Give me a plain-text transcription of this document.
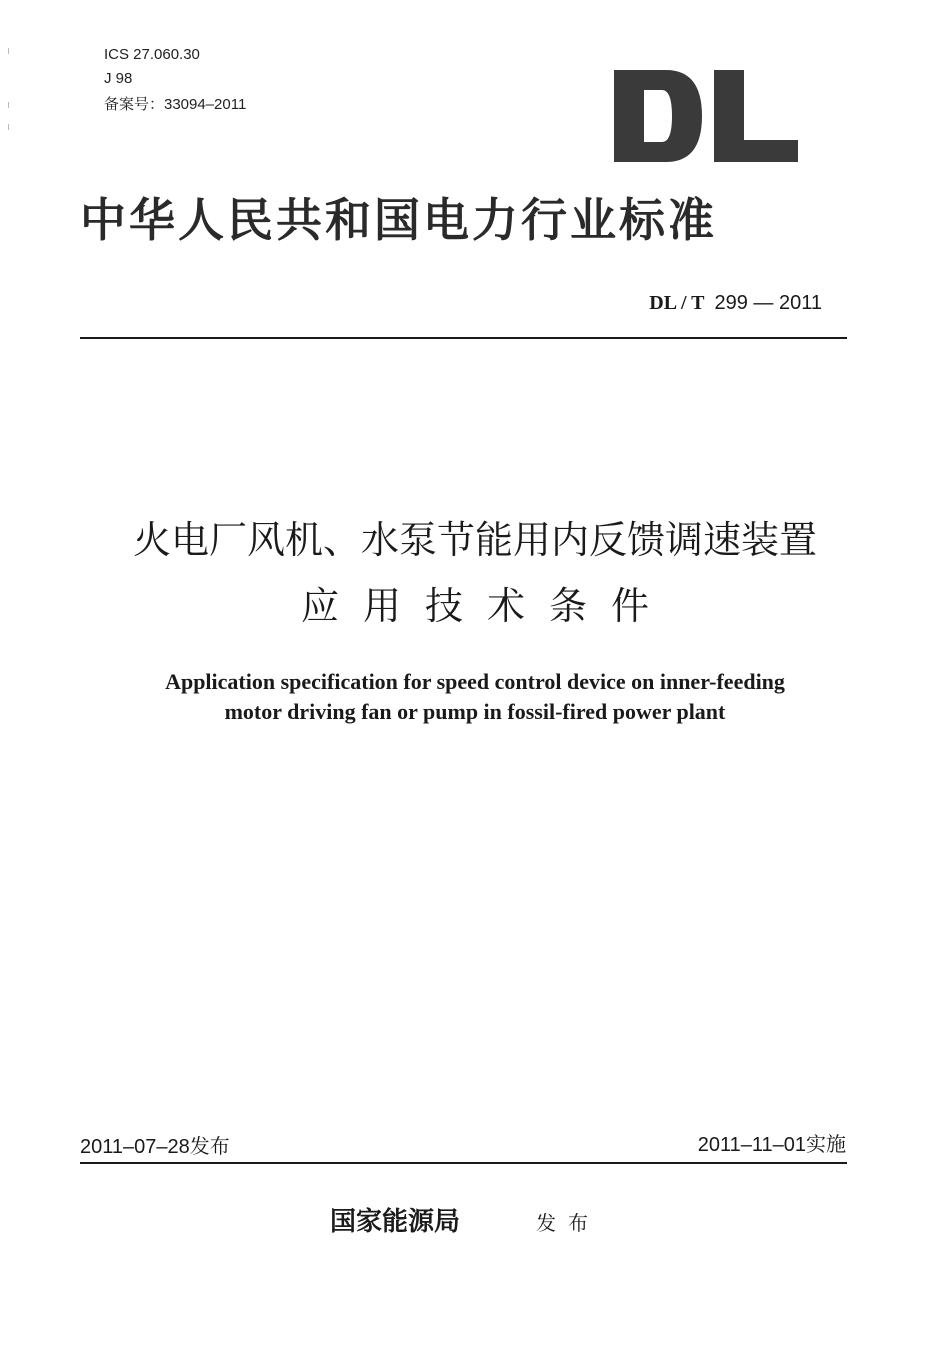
ICS 27.060.30
J 98
备案号：33094–2011
中华人民共和国电力行业标准
DL / T 299 — 2011
火电厂风机、水泵节能用内反馈调速装置
应用技术条件
Application specification for speed control device on inner-feeding
motor driving fan or pump in fossil-fired power plant
2011–07–28发布	2011–11–01实施
国家能源局	发布
